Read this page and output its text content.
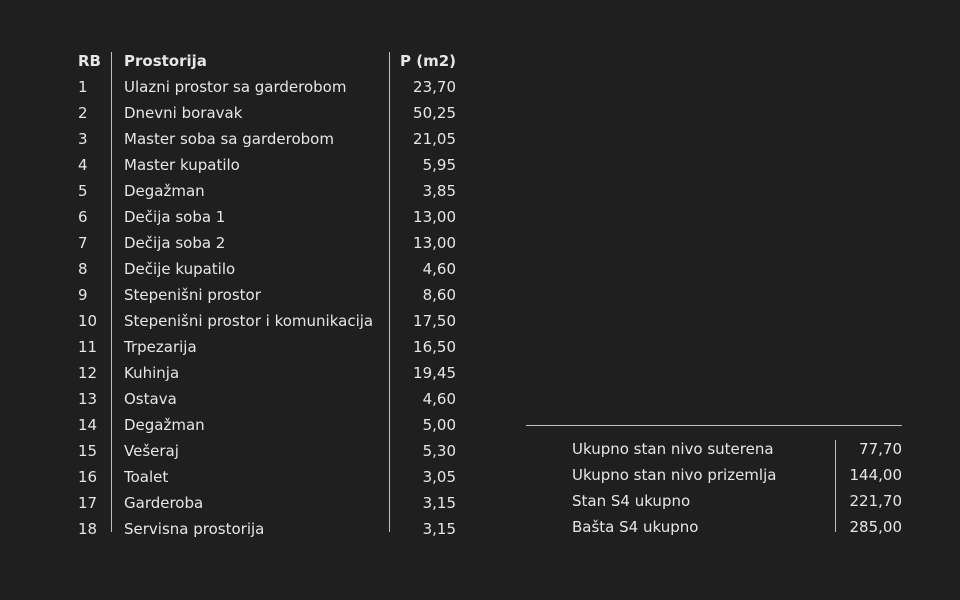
RB	Prostorija	P (m2)
1	Ulazni prostor sa garderobom	23,70
2	Dnevni boravak	50,25
3	Master soba sa garderobom	21,05
4	Master kupatilo	5,95
5	Degažman	3,85
6	Dečija soba 1	13,00
7	Dečija soba 2	13,00
8	Dečije kupatilo	4,60
9	Stepenišni prostor	8,60
10	Stepenišni prostor i komunikacija	17,50
11	Trpezarija	16,50
12	Kuhinja	19,45
13	Ostava	4,60
14	Degažman	5,00
15	Vešeraj	5,30
16	Toalet	3,05
17	Garderoba	3,15
18	Servisna prostorija	3,15
Ukupno stan nivo suterena	77,70
Ukupno stan nivo prizemlja	144,00
Stan S4 ukupno	221,70
Bašta S4 ukupno	285,00
